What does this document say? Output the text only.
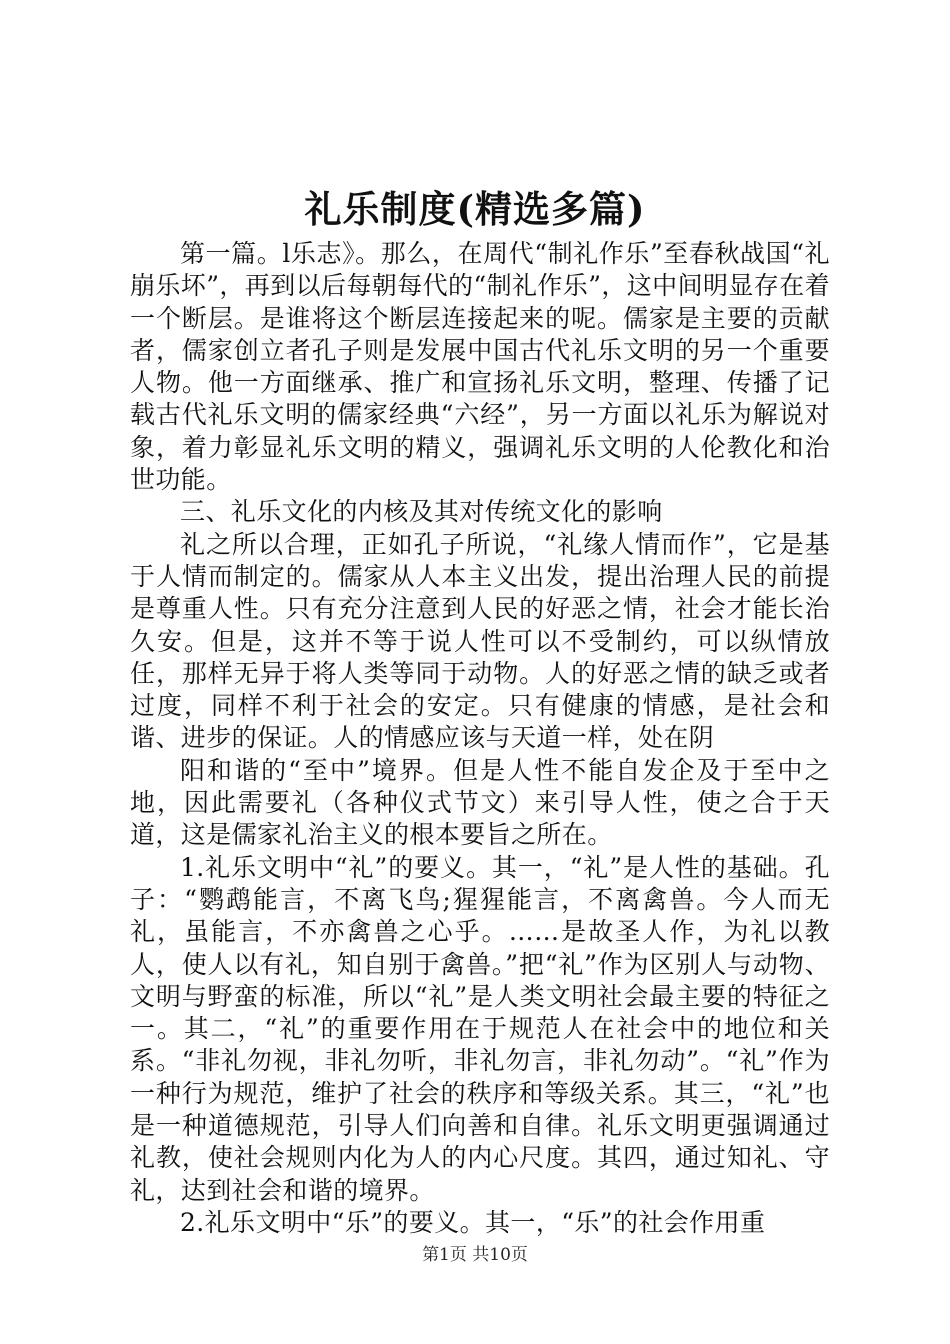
礼乐制度(精选多篇)

第一篇。l乐志》。那么，在周代“制礼作乐”至春秋战国“礼崩乐坏”，再到以后每朝每代的“制礼作乐”，这中间明显存在着一个断层。是谁将这个断层连接起来的呢。儒家是主要的贡献者，儒家创立者孔子则是发展中国古代礼乐文明的另一个重要人物。他一方面继承、推广和宣扬礼乐文明，整理、传播了记载古代礼乐文明的儒家经典“六经”，另一方面以礼乐为解说对象，着力彰显礼乐文明的精义，强调礼乐文明的人伦教化和治世功能。

三、礼乐文化的内核及其对传统文化的影响

礼之所以合理，正如孔子所说，“礼缘人情而作”，它是基于人情而制定的。儒家从人本主义出发，提出治理人民的前提是尊重人性。只有充分注意到人民的好恶之情，社会才能长治久安。但是，这并不等于说人性可以不受制约，可以纵情放任，那样无异于将人类等同于动物。人的好恶之情的缺乏或者过度，同样不利于社会的安定。只有健康的情感，是社会和谐、进步的保证。人的情感应该与天道一样，处在阴

阳和谐的“至中”境界。但是人性不能自发企及于至中之地，因此需要礼（各种仪式节文）来引导人性，使之合于天道，这是儒家礼治主义的根本要旨之所在。

1.礼乐文明中“礼”的要义。其一，“礼”是人性的基础。孔子：“鹦鹉能言，不离飞鸟;猩猩能言，不离禽兽。今人而无礼，虽能言，不亦禽兽之心乎。……是故圣人作，为礼以教人，使人以有礼，知自别于禽兽。”把“礼”作为区别人与动物、文明与野蛮的标准，所以“礼”是人类文明社会最主要的特征之一。其二，“礼”的重要作用在于规范人在社会中的地位和关系。“非礼勿视，非礼勿听，非礼勿言，非礼勿动”。“礼”作为一种行为规范，维护了社会的秩序和等级关系。其三，“礼”也是一种道德规范，引导人们向善和自律。礼乐文明更强调通过礼教，使社会规则内化为人的内心尺度。其四，通过知礼、守礼，达到社会和谐的境界。

2.礼乐文明中“乐”的要义。其一，“乐”的社会作用重

第1页 共10页
